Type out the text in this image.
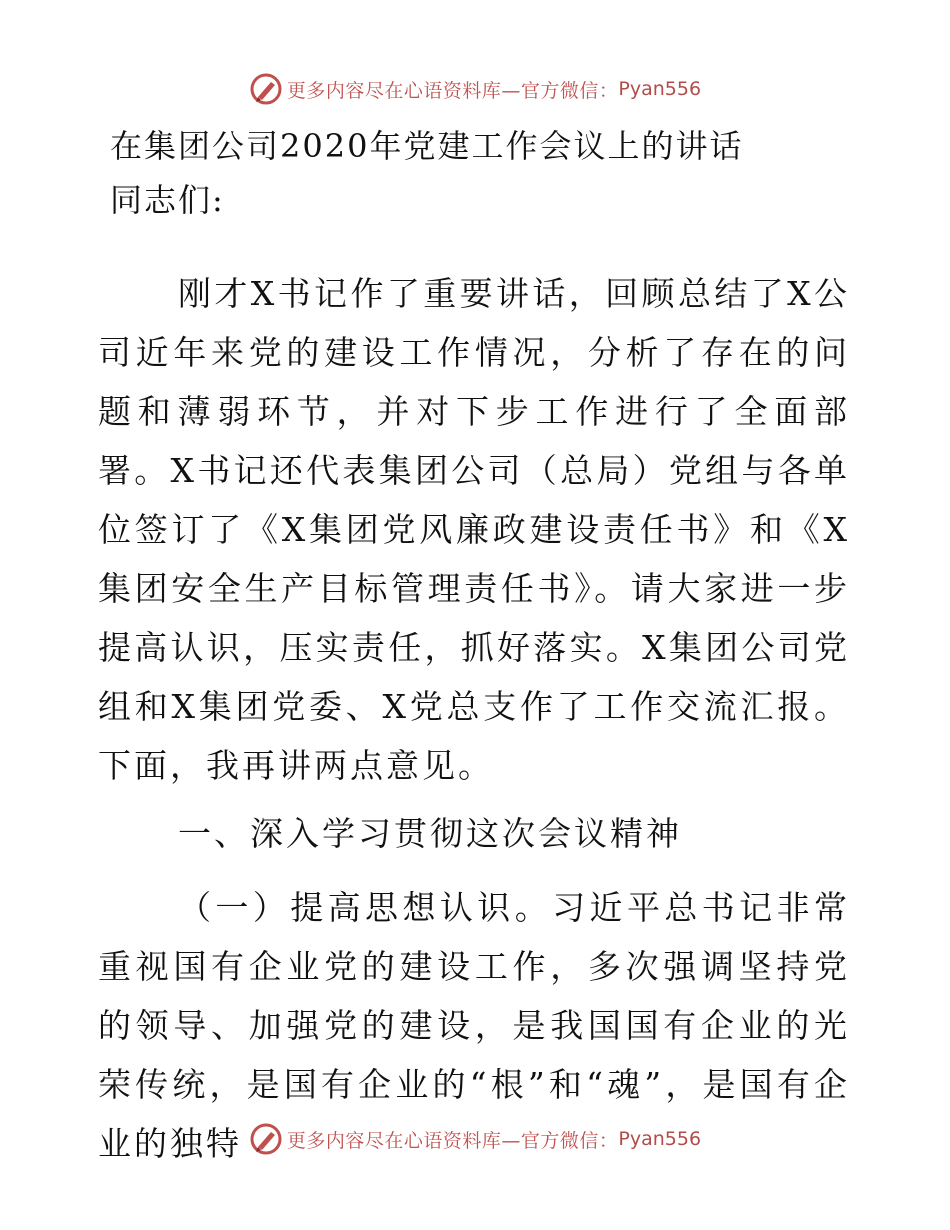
更多内容尽在心语资料库—官方微信： Pyan556
在集团公司2020年党建工作会议上的讲话
同志们:

刚才X书记作了重要讲话，回顾总结了X公司近年来党的建设工作情况，分析了存在的问题和薄弱环节，并对下步工作进行了全面部署。X书记还代表集团公司（总局）党组与各单位签订了《X集团党风廉政建设责任书》和《X集团安全生产目标管理责任书》。请大家进一步提高认识，压实责任，抓好落实。X集团公司党组和X集团党委、X党总支作了工作交流汇报。下面，我再讲两点意见。

一、深入学习贯彻这次会议精神

（一）提高思想认识。习近平总书记非常重视国有企业党的建设工作，多次强调坚持党的领导、加强党的建设，是我国国有企业的光荣传统，是国有企业的“根”和“魂”，是国有企业的独特	更多内容尽在心语资料库—官方微信： Pyan556
